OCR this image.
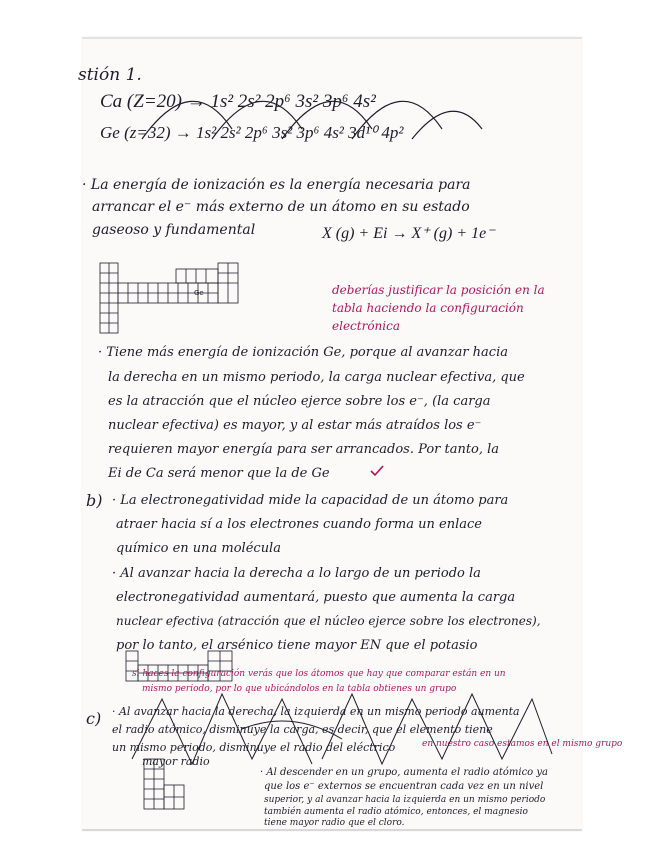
stión 1.
Ca (Z=20) → 1s² 2s² 2p⁶ 3s² 3p⁶ 4s²
Ge (z=32) → 1s² 2s² 2p⁶ 3s² 3p⁶ 4s² 3d¹⁰ 4p²
· La energía de ionización es la energía necesaria para
arrancar el e⁻ más externo de un átomo en su estado
gaseoso y fundamental	X (g) + Ei → X⁺ (g) + 1e⁻
Ge	deberías justificar la posición en la
tabla haciendo la configuración
electrónica
· Tiene más energía de ionización Ge, porque al avanzar hacia
la derecha en un mismo periodo, la carga nuclear efectiva, que
es la atracción que el núcleo ejerce sobre los e⁻, (la carga
nuclear efectiva) es mayor, y al estar más atraídos los e⁻
requieren mayor energía para ser arrancados. Por tanto, la
Ei de Ca será menor que la de Ge
b) · La electronegatividad mide la capacidad de un átomo para
atraer hacia sí a los electrones cuando forma un enlace
químico en una molécula
· Al avanzar hacia la derecha a lo largo de un periodo la
electronegatividad aumentará, puesto que aumenta la carga
nuclear efectiva (atracción que el núcleo ejerce sobre los electrones),
por lo tanto, el arsénico tiene mayor EN que el potasio
si haces la configuración verás que los átomos que hay que comparar están en un
mismo periodo, por lo que ubicándolos en la tabla obtienes un grupo
c) · Al avanzar hacia la derecha, la izquierda en un mismo periodo aumenta
el radio atómico, disminuye la carga, es decir, que el elemento tiene
un mismo periodo, disminuye el radio del eléctrico
mayor radio
en nuestro caso estamos en el mismo grupo
· Al descender en un grupo, aumenta el radio atómico ya
que los e⁻ externos se encuentran cada vez en un nivel
superior, y al avanzar hacia la izquierda en un mismo periodo
también aumenta el radio atómico, entonces, el magnesio
tiene mayor radio que el cloro.
